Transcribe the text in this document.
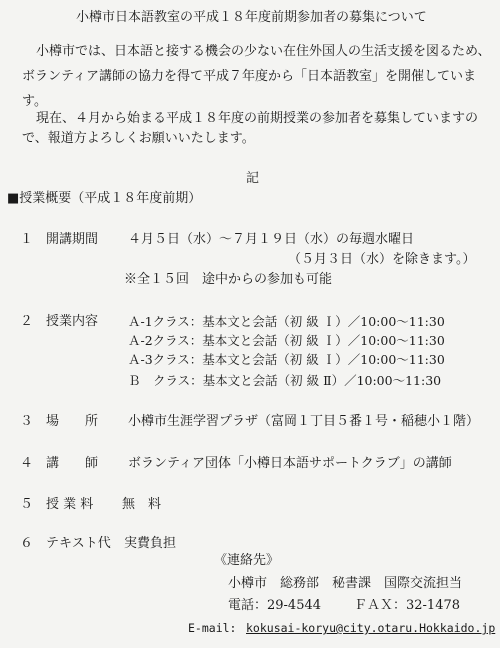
小樽市日本語教室の平成１８年度前期参加者の募集について
小樽市では、日本語と接する機会の少ない在住外国人の生活支援を図るため、
ボランティア講師の協力を得て平成７年度から「日本語教室」を開催していま
す。
現在、４月から始まる平成１８年度の前期授業の参加者を募集していますの
で、報道方よろしくお願いいたします。
記
■授業概要（平成１８年度前期）
１ 開講期間 ４月５日（水）～７月１９日（水）の毎週水曜日
（５月３日（水）を除きます。）
※全１５回　途中からの参加も可能
２ 授業内容 Ａ-1クラス：基本文と会話（初 級 Ｉ）／10:00～11:30
Ａ-2クラス：基本文と会話（初 級 Ｉ）／10:00～11:30
Ａ-3クラス：基本文と会話（初 級 Ｉ）／10:00～11:30
Ｂ　クラス：基本文と会話（初 級 Ⅱ）／10:00～11:30
３ 場　　所 小樽市生涯学習プラザ（富岡１丁目５番１号・稲穂小１階）
４ 講　　師 ボランティア団体「小樽日本語サポートクラブ」の講師
５ 授 業 料 無　料
６ テキスト代 実費負担
《連絡先》
小樽市　総務部　秘書課　国際交流担当
電話：29-4544	ＦＡＸ：32-1478
E-mail: kokusai-koryu@city.otaru.Hokkaido.jp
